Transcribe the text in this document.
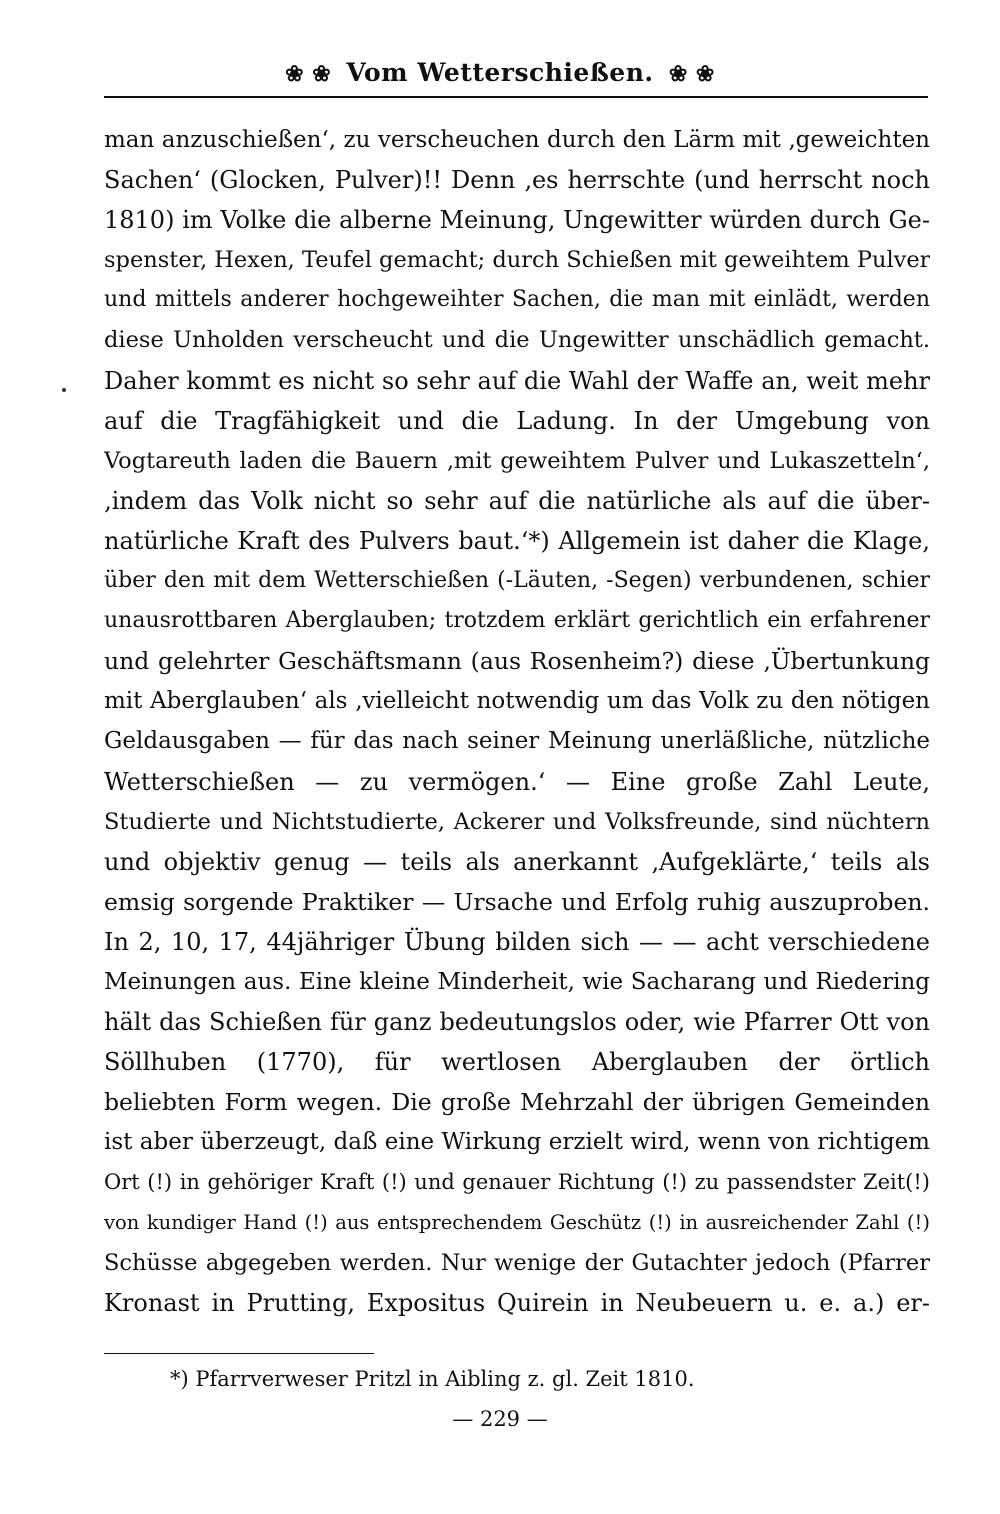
❀ ❀ Vom Wetterschießen. ❀ ❀
man anzuschießen‘, zu verscheuchen durch den Lärm mit ‚geweichten
Sachen‘ (Glocken, Pulver)!! Denn ‚es herrschte (und herrscht noch
1810) im Volke die alberne Meinung, Ungewitter würden durch Ge-
spenster, Hexen, Teufel gemacht; durch Schießen mit geweihtem Pulver
und mittels anderer hochgeweihter Sachen, die man mit einlädt, werden
diese Unholden verscheucht und die Ungewitter unschädlich gemacht.
Daher kommt es nicht so sehr auf die Wahl der Waffe an, weit mehr
auf die Tragfähigkeit und die Ladung. In der Umgebung von
Vogtareuth laden die Bauern ‚mit geweihtem Pulver und Lukaszetteln‘,
‚indem das Volk nicht so sehr auf die natürliche als auf die über-
natürliche Kraft des Pulvers baut.‘*) Allgemein ist daher die Klage,
über den mit dem Wetterschießen (-Läuten, -Segen) verbundenen, schier
unausrottbaren Aberglauben; trotzdem erklärt gerichtlich ein erfahrener
und gelehrter Geschäftsmann (aus Rosenheim?) diese ‚Übertunkung
mit Aberglauben‘ als ‚vielleicht notwendig um das Volk zu den nötigen
Geldausgaben — für das nach seiner Meinung unerläßliche, nützliche
Wetterschießen — zu vermögen.‘ — Eine große Zahl Leute,
Studierte und Nichtstudierte, Ackerer und Volksfreunde, sind nüchtern
und objektiv genug — teils als anerkannt ‚Aufgeklärte,‘ teils als
emsig sorgende Praktiker — Ursache und Erfolg ruhig auszuproben.
In 2, 10, 17, 44jähriger Übung bilden sich — — acht verschiedene
Meinungen aus. Eine kleine Minderheit, wie Sacharang und Riedering
hält das Schießen für ganz bedeutungslos oder, wie Pfarrer Ott von
Söllhuben (1770), für wertlosen Aberglauben der örtlich
beliebten Form wegen. Die große Mehrzahl der übrigen Gemeinden
ist aber überzeugt, daß eine Wirkung erzielt wird, wenn von richtigem
Ort (!) in gehöriger Kraft (!) und genauer Richtung (!) zu passendster Zeit(!)
von kundiger Hand (!) aus entsprechendem Geschütz (!) in ausreichender Zahl (!)
Schüsse abgegeben werden. Nur wenige der Gutachter jedoch (Pfarrer
Kronast in Prutting, Expositus Quirein in Neubeuern u. e. a.) er-
*) Pfarrverweser Pritzl in Aibling z. gl. Zeit 1810.
— 229 —
